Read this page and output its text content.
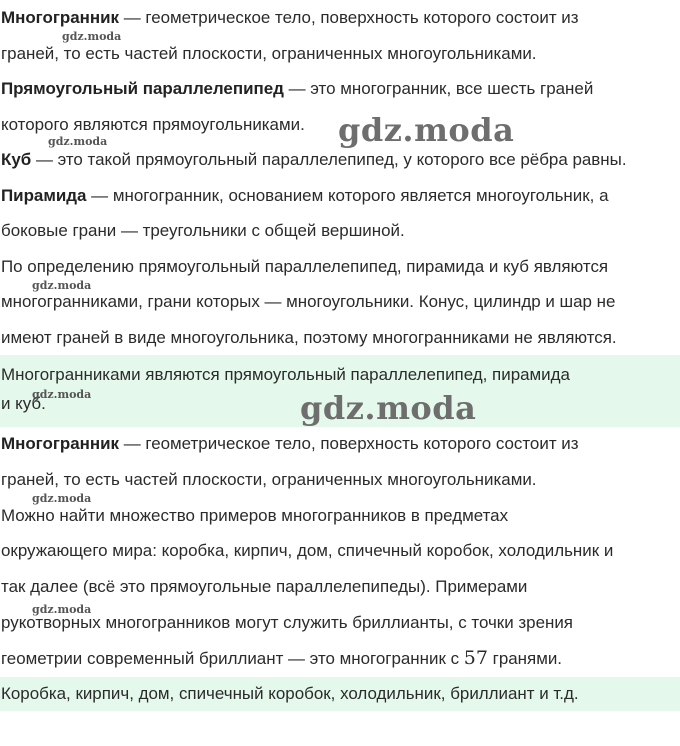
Многогранник — геометрическое тело, поверхность которого состоит из
граней, то есть частей плоскости, ограниченных многоугольниками.
Прямоугольный параллелепипед — это многогранник, все шесть граней
которого являются прямоугольниками.
Куб — это такой прямоугольный параллелепипед, у которого все рёбра равны.
Пирамида — многогранник, основанием которого является многоугольник, а
боковые грани — треугольники с общей вершиной.
По определению прямоугольный параллелепипед, пирамида и куб являются
многогранниками, грани которых — многоугольники. Конус, цилиндр и шар не
имеют граней в виде многоугольника, поэтому многогранниками не являются.
Многогранниками являются прямоугольный параллелепипед, пирамида
и куб.
Многогранник — геометрическое тело, поверхность которого состоит из
граней, то есть частей плоскости, ограниченных многоугольниками.
Можно найти множество примеров многогранников в предметах
окружающего мира: коробка, кирпич, дом, спичечный коробок, холодильник и
так далее (всё это прямоугольные параллелепипеды). Примерами
рукотворных многогранников могут служить бриллианты, с точки зрения
геометрии современный бриллиант — это многогранник с 57 гранями.
Коробка, кирпич, дом, спичечный коробок, холодильник, бриллиант и т.д.
gdz.moda
gdz.moda
gdz.moda
gdz.moda
gdz.moda
gdz.moda
gdz.moda
gdz.moda
